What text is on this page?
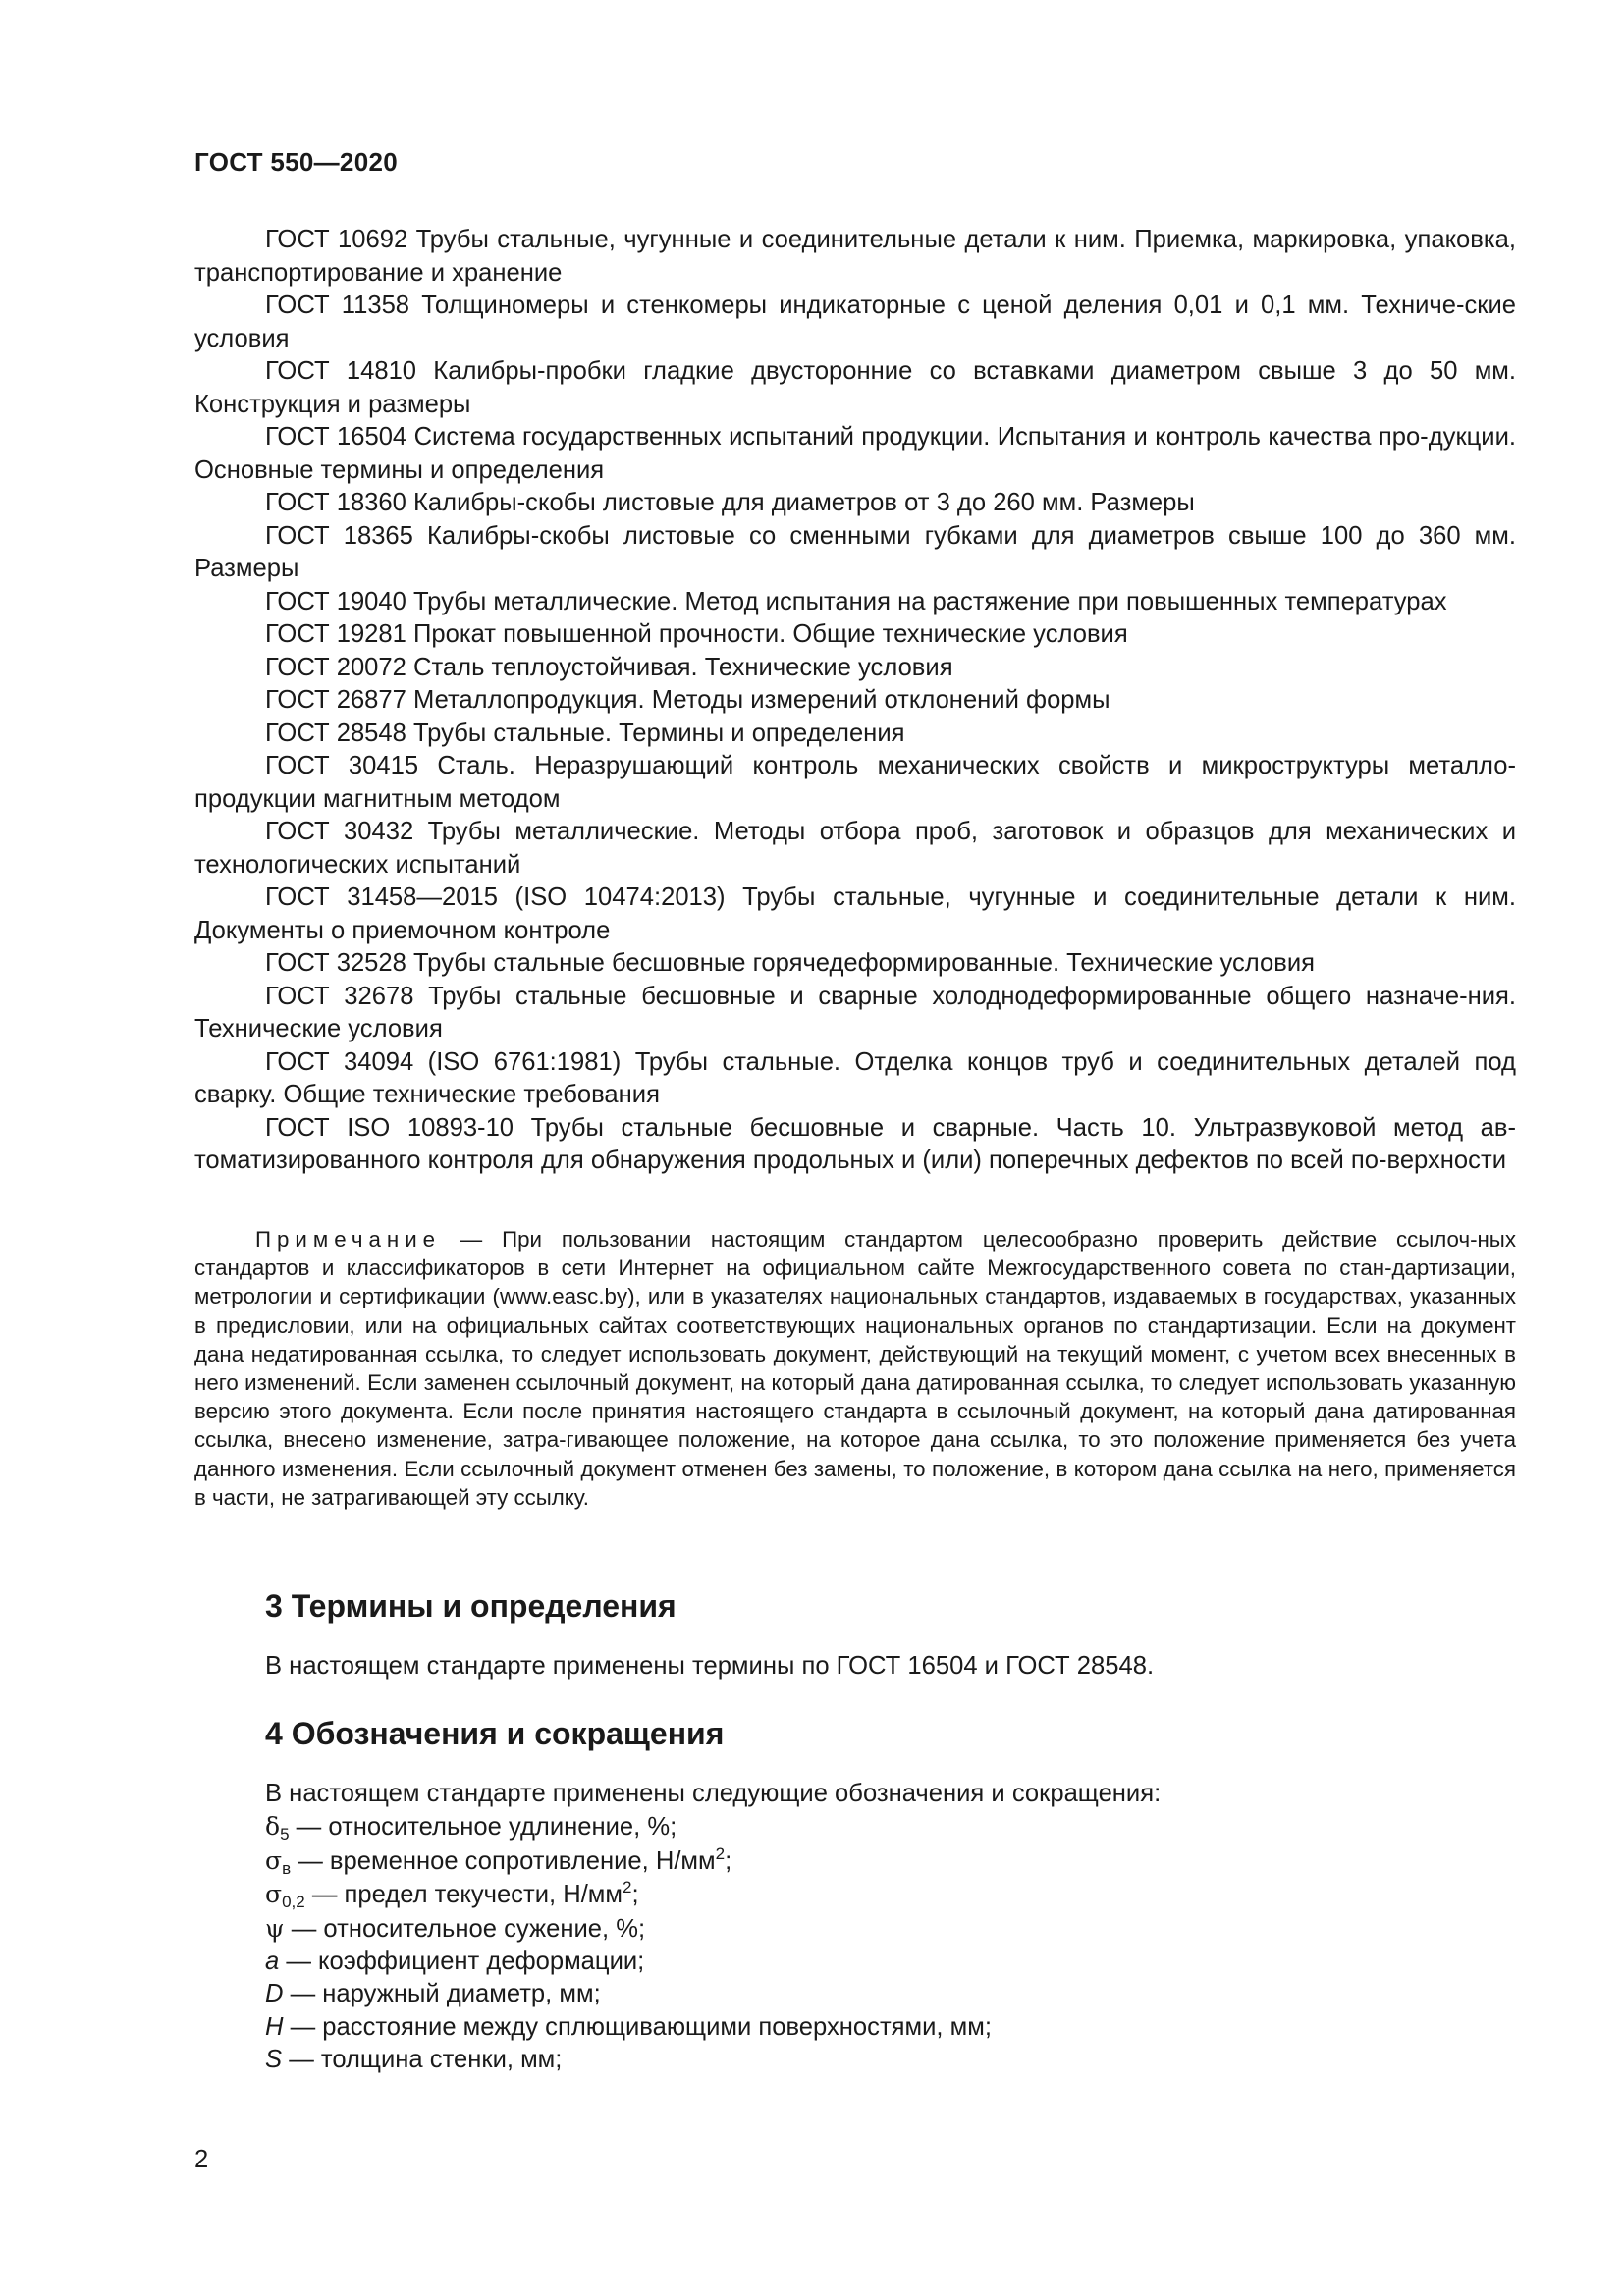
ГОСТ 550—2020

ГОСТ 10692 Трубы стальные, чугунные и соединительные детали к ним. Приемка, маркировка, упаковка, транспортирование и хранение

ГОСТ 11358 Толщиномеры и стенкомеры индикаторные с ценой деления 0,01 и 0,1 мм. Техниче-ские условия

ГОСТ 14810 Калибры-пробки гладкие двусторонние со вставками диаметром свыше 3 до 50 мм. Конструкция и размеры

ГОСТ 16504 Система государственных испытаний продукции. Испытания и контроль качества про-дукции. Основные термины и определения

ГОСТ 18360 Калибры-скобы листовые для диаметров от 3 до 260 мм. Размеры

ГОСТ 18365 Калибры-скобы листовые со сменными губками для диаметров свыше 100 до 360 мм. Размеры

ГОСТ 19040 Трубы металлические. Метод испытания на растяжение при повышенных температурах

ГОСТ 19281 Прокат повышенной прочности. Общие технические условия

ГОСТ 20072 Сталь теплоустойчивая. Технические условия

ГОСТ 26877 Металлопродукция. Методы измерений отклонений формы

ГОСТ 28548 Трубы стальные. Термины и определения

ГОСТ 30415 Сталь. Неразрушающий контроль механических свойств и микроструктуры металло-продукции магнитным методом

ГОСТ 30432 Трубы металлические. Методы отбора проб, заготовок и образцов для механических и технологических испытаний

ГОСТ 31458—2015 (ISO 10474:2013) Трубы стальные, чугунные и соединительные детали к ним. Документы о приемочном контроле

ГОСТ 32528 Трубы стальные бесшовные горячедеформированные. Технические условия

ГОСТ 32678 Трубы стальные бесшовные и сварные холоднодеформированные общего назначе-ния. Технические условия

ГОСТ 34094 (ISO 6761:1981) Трубы стальные. Отделка концов труб и соединительных деталей под сварку. Общие технические требования

ГОСТ ISO 10893-10 Трубы стальные бесшовные и сварные. Часть 10. Ультразвуковой метод ав-томатизированного контроля для обнаружения продольных и (или) поперечных дефектов по всей по-верхности

Примечание — При пользовании настоящим стандартом целесообразно проверить действие ссылоч-ных стандартов и классификаторов в сети Интернет на официальном сайте Межгосударственного совета по стан-дартизации, метрологии и сертификации (www.easc.by), или в указателях национальных стандартов, издаваемых в государствах, указанных в предисловии, или на официальных сайтах соответствующих национальных органов по стандартизации. Если на документ дана недатированная ссылка, то следует использовать документ, действующий на текущий момент, с учетом всех внесенных в него изменений. Если заменен ссылочный документ, на который дана датированная ссылка, то следует использовать указанную версию этого документа. Если после принятия настоящего стандарта в ссылочный документ, на который дана датированная ссылка, внесено изменение, затра-гивающее положение, на которое дана ссылка, то это положение применяется без учета данного изменения. Если ссылочный документ отменен без замены, то положение, в котором дана ссылка на него, применяется в части, не затрагивающей эту ссылку.

3 Термины и определения

В настоящем стандарте применены термины по ГОСТ 16504 и ГОСТ 28548.

4 Обозначения и сокращения
В настоящем стандарте применены следующие обозначения и сокращения:
$\delta_5$ — относительное удлинение, %;
$\sigma_в$ — временное сопротивление, $Н/мм^2$;
$\sigma_{0,2}$ — предел текучести, $Н/мм^2$;
ψ — относительное сужение, %;
a — коэффициент деформации;
D — наружный диаметр, мм;
H — расстояние между сплющивающими поверхностями, мм;
S — толщина стенки, мм;
2
